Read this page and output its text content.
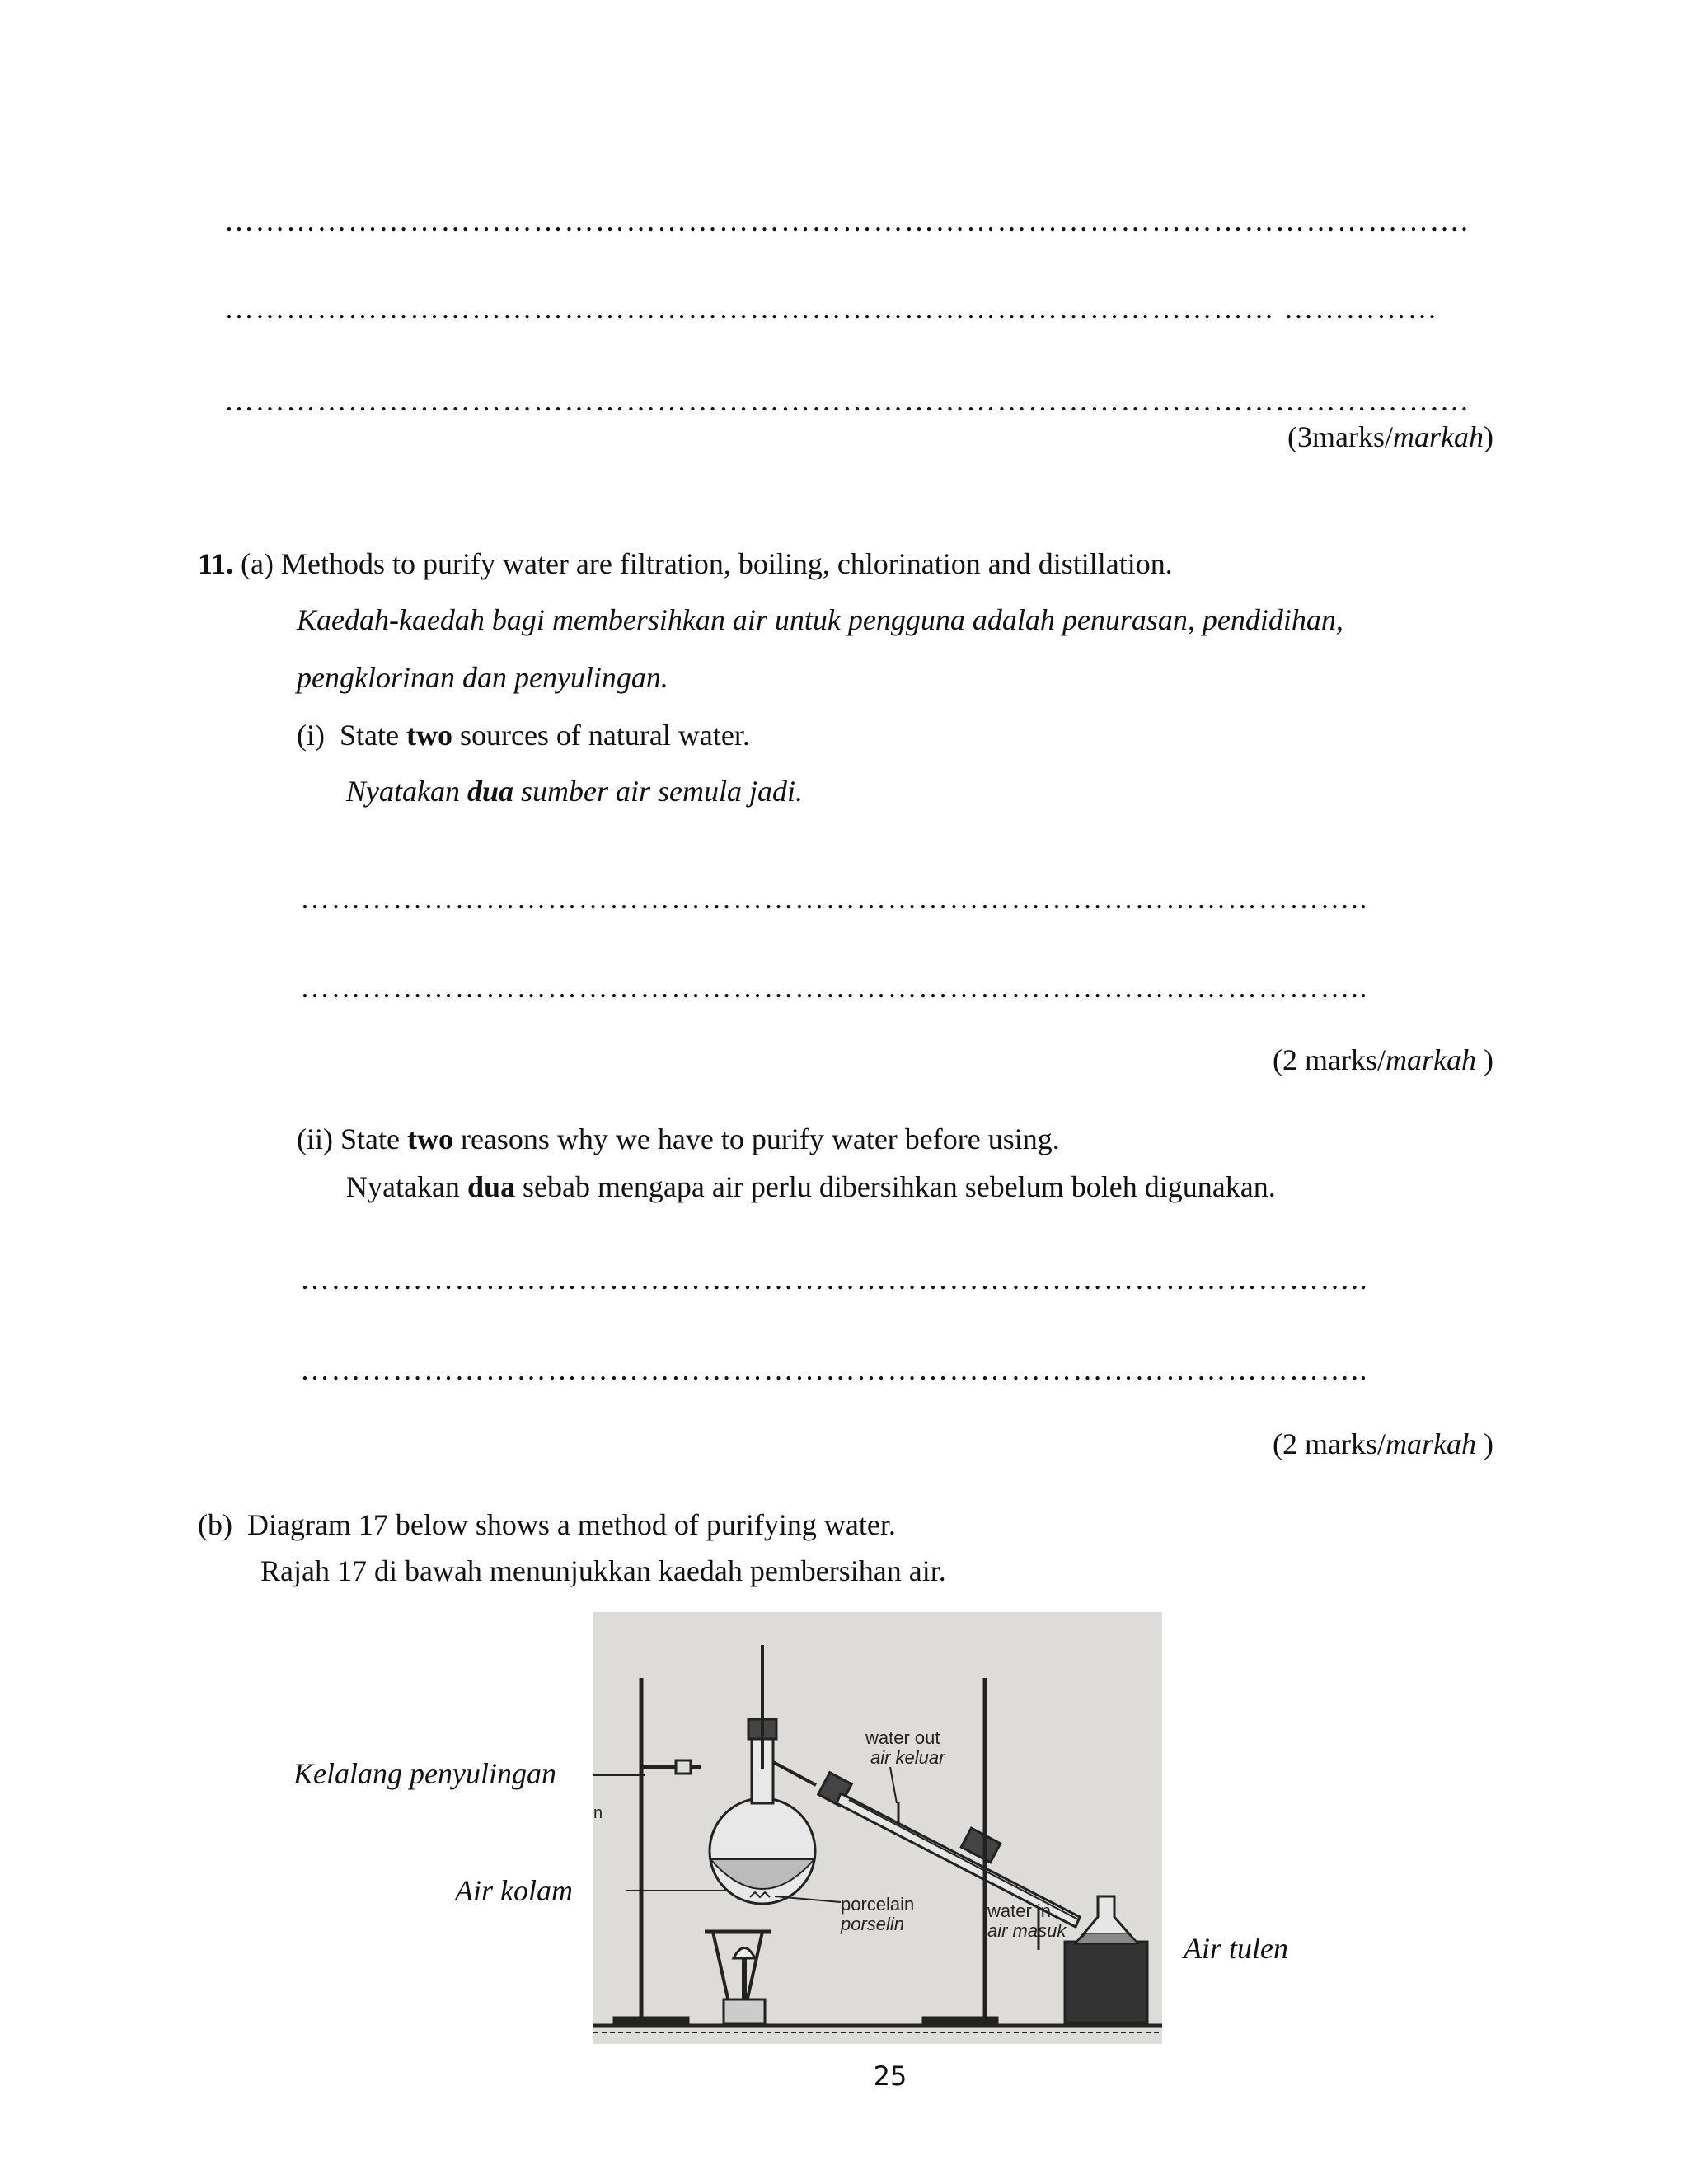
………………………………………………………………………………………………………….
………………………………………………………………………………………… ……………
………………………………………………………………………………………………………….
(3marks/markah)
11. (a) Methods to purify water are filtration, boiling, chlorination and distillation.
Kaedah-kaedah bagi membersihkan air untuk pengguna adalah penurasan, pendidihan,
pengklorinan dan penyulingan.
(i) State two sources of natural water.
Nyatakan dua sumber air semula jadi.
…………………………………………………………………………………………..
…………………………………………………………………………………………..
(2 marks/markah )
(ii) State two reasons why we have to purify water before using.
Nyatakan dua sebab mengapa air perlu dibersihkan sebelum boleh digunakan.
…………………………………………………………………………………………..
…………………………………………………………………………………………..
(2 marks/markah )
(b) Diagram 17 below shows a method of purifying water.
Rajah 17 di bawah menunjukkan kaedah pembersihan air.
water out
air keluar
porcelain
porselin
water in
air masuk
n
Kelalang penyulingan
Air kolam
Air tulen
25
